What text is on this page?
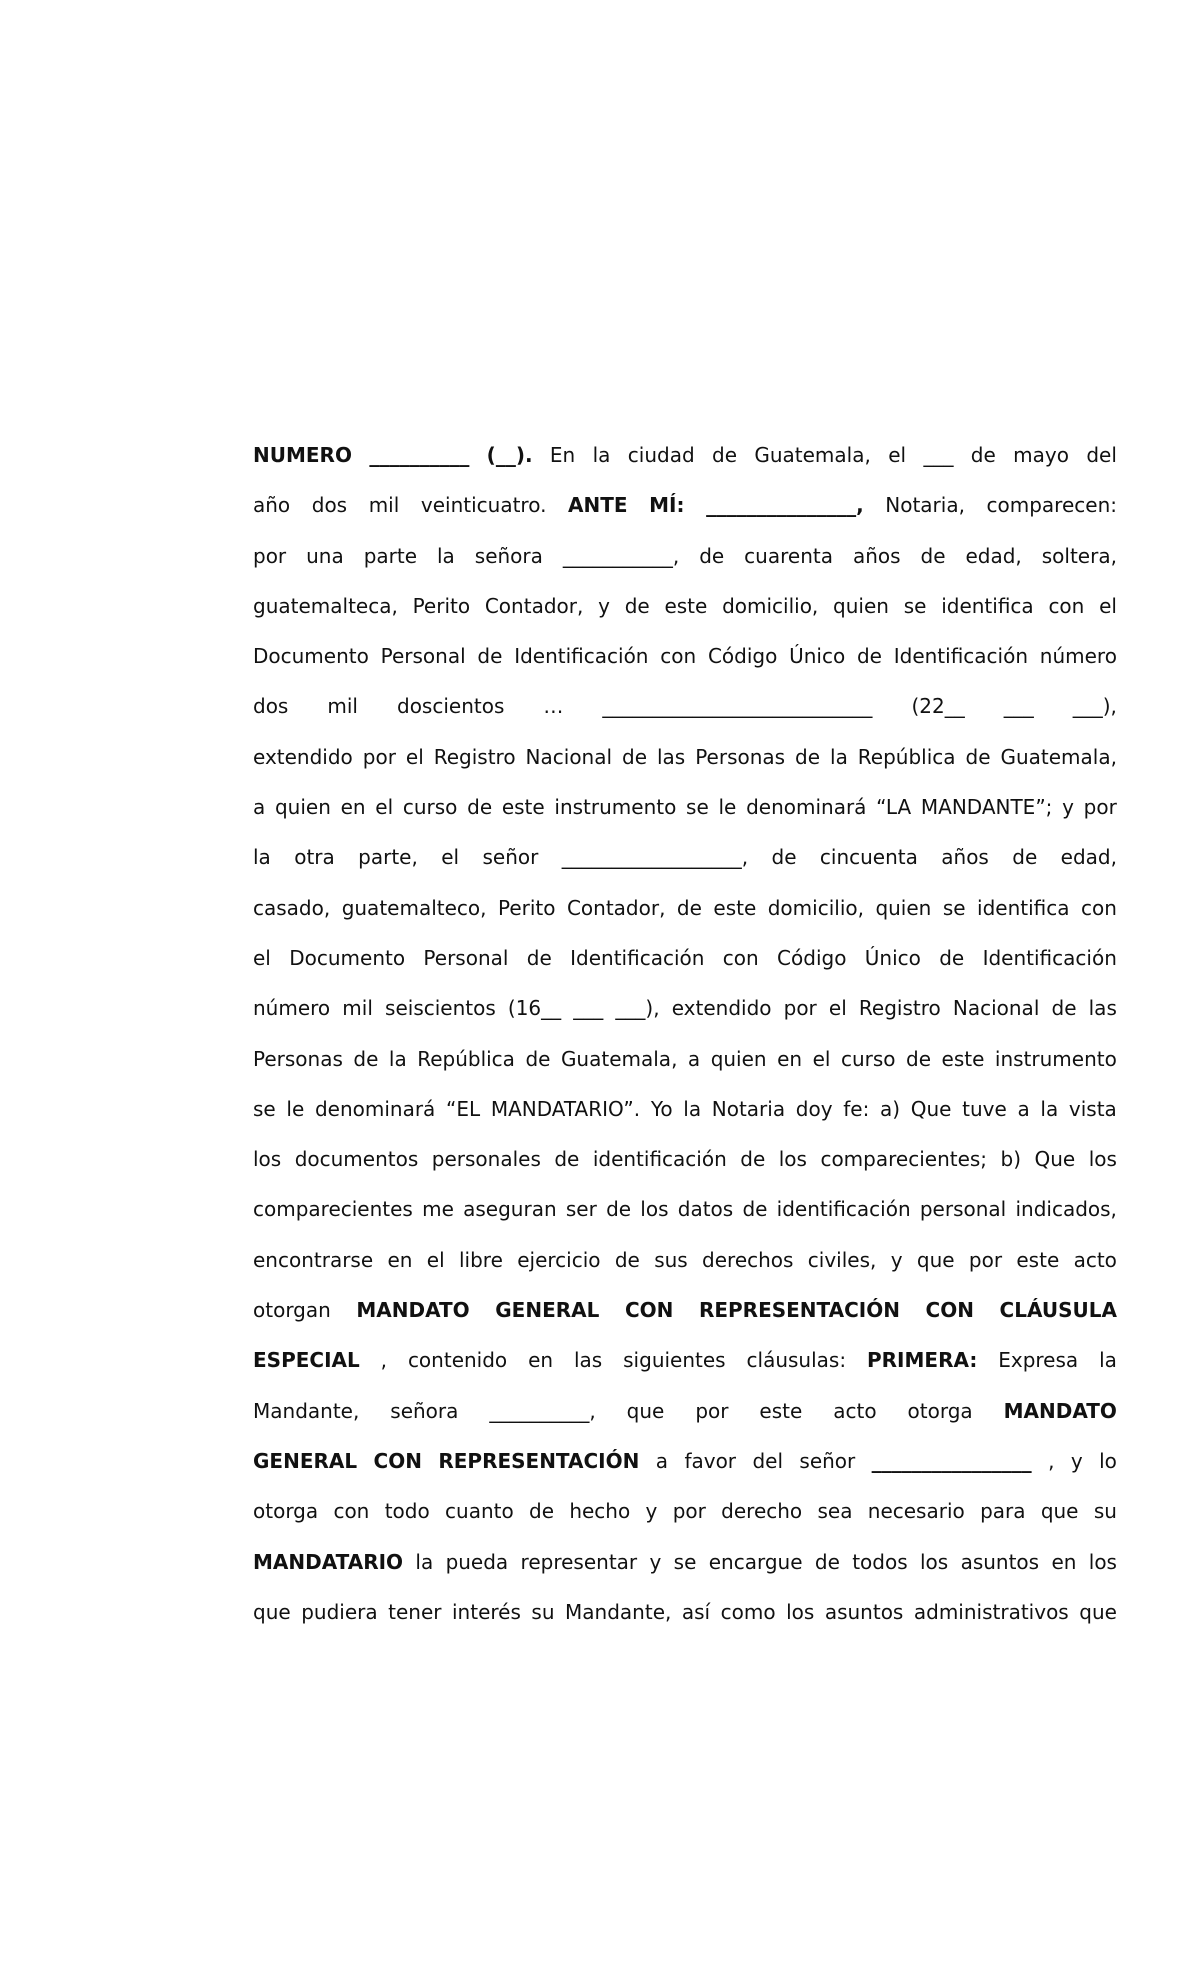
NUMERO __________ (__). En la ciudad de Guatemala, el ___ de mayo del
año dos mil veinticuatro. ANTE MÍ: _______________, Notaria, comparecen:
por una parte la señora ___________, de cuarenta años de edad, soltera,
guatemalteca, Perito Contador, y de este domicilio, quien se identifica con el
Documento Personal de Identificación con Código Único de Identificación número
dos mil doscientos … ___________________________ (22__ ___ ___),
extendido por el Registro Nacional de las Personas de la República de Guatemala,
a quien en el curso de este instrumento se le denominará “LA MANDANTE”; y por
la otra parte, el señor __________________, de cincuenta años de edad,
casado, guatemalteco, Perito Contador, de este domicilio, quien se identifica con
el Documento Personal de Identificación con Código Único de Identificación
número mil seiscientos (16__ ___ ___), extendido por el Registro Nacional de las
Personas de la República de Guatemala, a quien en el curso de este instrumento
se le denominará “EL MANDATARIO”. Yo la Notaria doy fe: a) Que tuve a la vista
los documentos personales de identificación de los comparecientes; b) Que los
comparecientes me aseguran ser de los datos de identificación personal indicados,
encontrarse en el libre ejercicio de sus derechos civiles, y que por este acto
otorgan MANDATO GENERAL CON REPRESENTACIÓN CON CLÁUSULA
ESPECIAL , contenido en las siguientes cláusulas: PRIMERA: Expresa la
Mandante, señora __________, que por este acto otorga MANDATO
GENERAL CON REPRESENTACIÓN a favor del señor ________________ , y lo
otorga con todo cuanto de hecho y por derecho sea necesario para que su
MANDATARIO la pueda representar y se encargue de todos los asuntos en los
que pudiera tener interés su Mandante, así como los asuntos administrativos que
